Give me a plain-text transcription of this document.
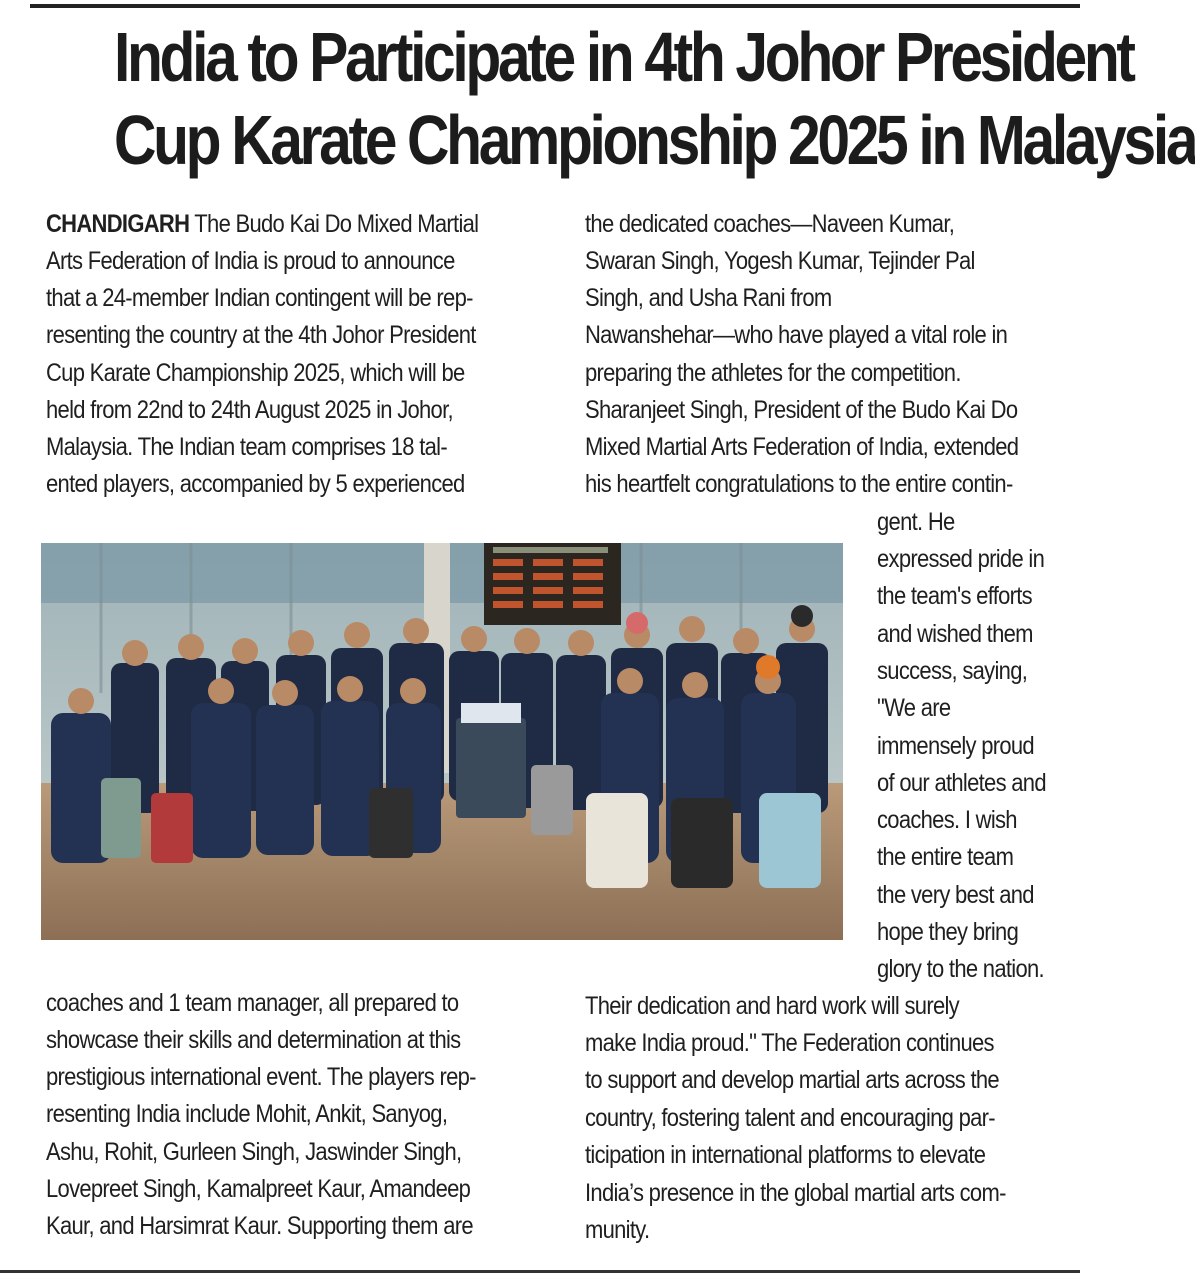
India to Participate in 4th Johor President
Cup Karate Championship 2025 in Malaysia

CHANDIGARH The Budo Kai Do Mixed Martial

Arts Federation of India is proud to announce

that a 24-member Indian contingent will be rep-

resenting the country at the 4th Johor President

Cup Karate Championship 2025, which will be

held from 22nd to 24th August 2025 in Johor,

Malaysia. The Indian team comprises 18 tal-

ented players, accompanied by 5 experienced

the dedicated coaches—Naveen Kumar,

Swaran Singh, Yogesh Kumar, Tejinder Pal

Singh, and Usha Rani from

Nawanshehar—who have played a vital role in

preparing the athletes for the competition.

Sharanjeet Singh, President of the Budo Kai Do

Mixed Martial Arts Federation of India, extended

his heartfelt congratulations to the entire contin-

gent. He

expressed pride in

the team's efforts

and wished them

success, saying,

"We are

immensely proud

of our athletes and

coaches. I wish

the entire team

the very best and

hope they bring

glory to the nation.

coaches and 1 team manager, all prepared to

showcase their skills and determination at this

prestigious international event. The players rep-

resenting India include Mohit, Ankit, Sanyog,

Ashu, Rohit, Gurleen Singh, Jaswinder Singh,

Lovepreet Singh, Kamalpreet Kaur, Amandeep

Kaur, and Harsimrat Kaur. Supporting them are

Their dedication and hard work will surely

make India proud." The Federation continues

to support and develop martial arts across the

country, fostering talent and encouraging par-

ticipation in international platforms to elevate

India’s presence in the global martial arts com-

munity.
